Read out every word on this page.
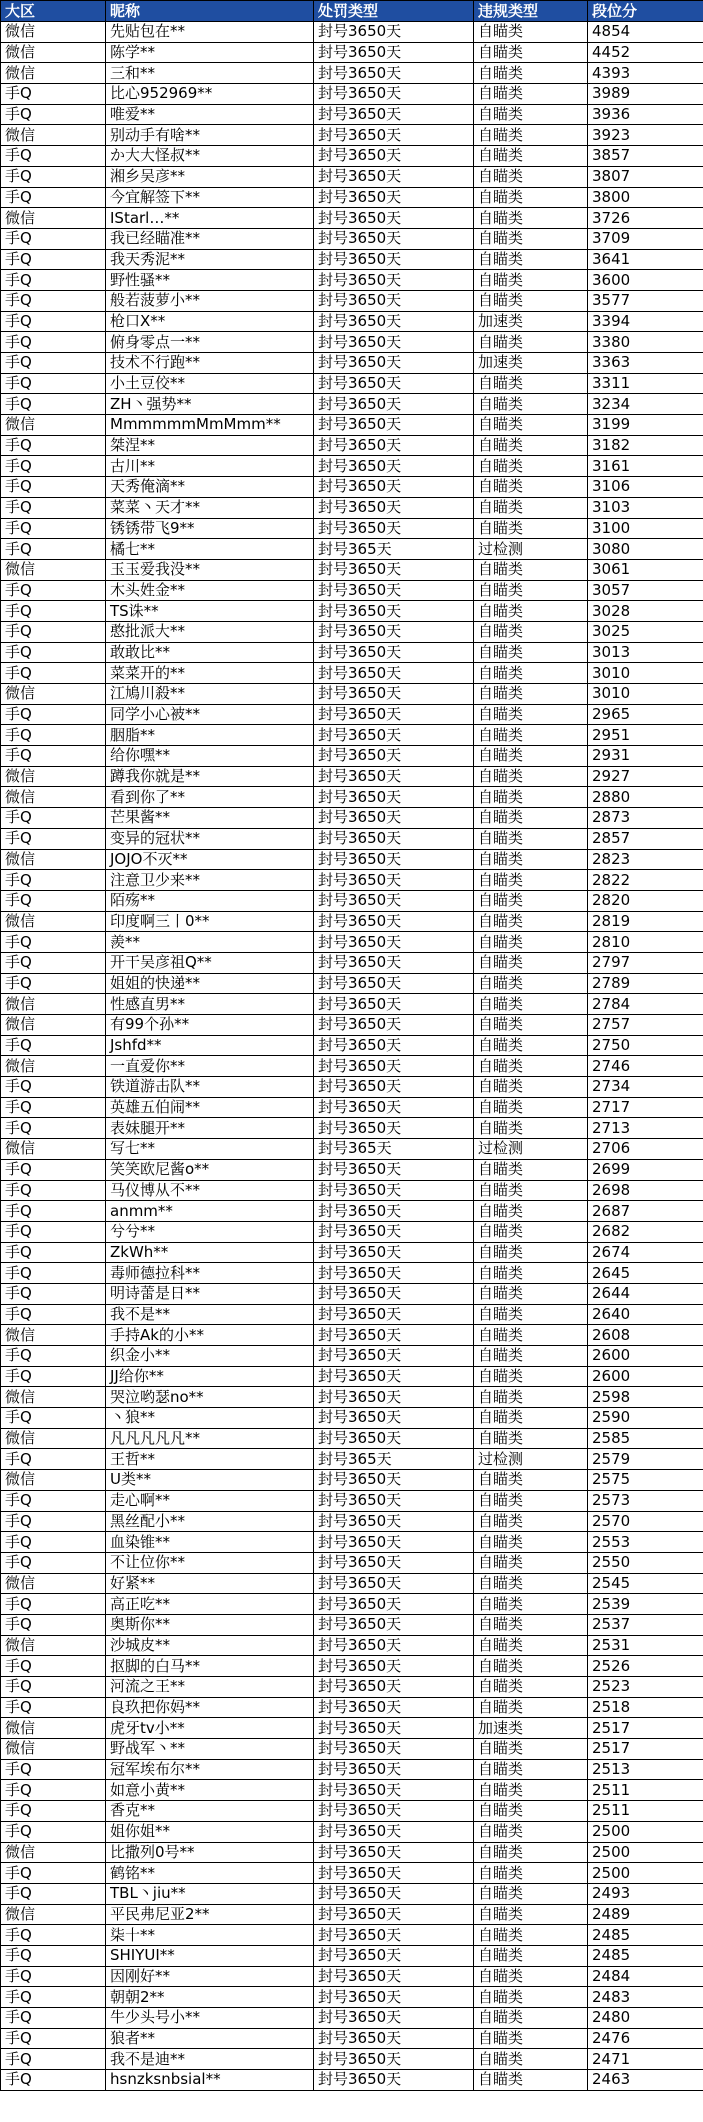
大区	昵称	处罚类型	违规类型	段位分
微信	先贴包在**	封号3650天	自瞄类	4854
微信	陈学**	封号3650天	自瞄类	4452
微信	三和**	封号3650天	自瞄类	4393
手Q	比心952969**	封号3650天	自瞄类	3989
手Q	唯爱**	封号3650天	自瞄类	3936
微信	别动手有啥**	封号3650天	自瞄类	3923
手Q	か大大怪叔**	封号3650天	自瞄类	3857
手Q	湘乡吴彦**	封号3650天	自瞄类	3807
手Q	今宜解签下**	封号3650天	自瞄类	3800
微信	IStarl…**	封号3650天	自瞄类	3726
手Q	我已经瞄准**	封号3650天	自瞄类	3709
手Q	我天秀泥**	封号3650天	自瞄类	3641
手Q	野性骚**	封号3650天	自瞄类	3600
手Q	般若菠萝小**	封号3650天	自瞄类	3577
手Q	枪口X**	封号3650天	加速类	3394
手Q	俯身零点一**	封号3650天	自瞄类	3380
手Q	技术不行跑**	封号3650天	加速类	3363
手Q	小土豆佼**	封号3650天	自瞄类	3311
手Q	ZH丶强势**	封号3650天	自瞄类	3234
微信	MmmmmmMmMmm**	封号3650天	自瞄类	3199
手Q	桀涅**	封号3650天	自瞄类	3182
手Q	古川**	封号3650天	自瞄类	3161
手Q	天秀俺滴**	封号3650天	自瞄类	3106
手Q	菜菜丶天才**	封号3650天	自瞄类	3103
手Q	锈锈带飞9**	封号3650天	自瞄类	3100
手Q	橘七**	封号365天	过检测	3080
微信	玉玉爱我没**	封号3650天	自瞄类	3061
手Q	木头姓金**	封号3650天	自瞄类	3057
手Q	TS诛**	封号3650天	自瞄类	3028
手Q	憨批派大**	封号3650天	自瞄类	3025
手Q	敢敢比**	封号3650天	自瞄类	3013
手Q	菜菜开的**	封号3650天	自瞄类	3010
微信	江鳩川殺**	封号3650天	自瞄类	3010
手Q	同学小心被**	封号3650天	自瞄类	2965
手Q	胭脂**	封号3650天	自瞄类	2951
手Q	给你嘿**	封号3650天	自瞄类	2931
微信	蹲我你就是**	封号3650天	自瞄类	2927
微信	看到你了**	封号3650天	自瞄类	2880
手Q	芒果酱**	封号3650天	自瞄类	2873
手Q	变异的冠状**	封号3650天	自瞄类	2857
微信	JOJO不灭**	封号3650天	自瞄类	2823
手Q	注意卫少来**	封号3650天	自瞄类	2822
手Q	陌殇**	封号3650天	自瞄类	2820
微信	印度啊三丨0**	封号3650天	自瞄类	2819
手Q	羨**	封号3650天	自瞄类	2810
手Q	开干吴彦祖Q**	封号3650天	自瞄类	2797
手Q	姐姐的快递**	封号3650天	自瞄类	2789
微信	性感直男**	封号3650天	自瞄类	2784
微信	有99个孙**	封号3650天	自瞄类	2757
手Q	Jshfd**	封号3650天	自瞄类	2750
微信	一直爱你**	封号3650天	自瞄类	2746
手Q	铁道游击队**	封号3650天	自瞄类	2734
手Q	英雄五伯闹**	封号3650天	自瞄类	2717
手Q	表妹腿开**	封号3650天	自瞄类	2713
微信	写七**	封号365天	过检测	2706
手Q	笑笑欧尼酱o**	封号3650天	自瞄类	2699
手Q	马仪博从不**	封号3650天	自瞄类	2698
手Q	anmm**	封号3650天	自瞄类	2687
手Q	兮兮**	封号3650天	自瞄类	2682
手Q	ZkWh**	封号3650天	自瞄类	2674
手Q	毒师德拉科**	封号3650天	自瞄类	2645
手Q	明诗蕾是日**	封号3650天	自瞄类	2644
手Q	我不是**	封号3650天	自瞄类	2640
微信	手持Ak的小**	封号3650天	自瞄类	2608
手Q	织金小**	封号3650天	自瞄类	2600
手Q	JJ给你**	封号3650天	自瞄类	2600
微信	哭泣哟瑟no**	封号3650天	自瞄类	2598
手Q	丶狼**	封号3650天	自瞄类	2590
微信	凡凡凡凡凡**	封号3650天	自瞄类	2585
手Q	王哲**	封号365天	过检测	2579
微信	U类**	封号3650天	自瞄类	2575
手Q	走心啊**	封号3650天	自瞄类	2573
手Q	黑丝配小**	封号3650天	自瞄类	2570
手Q	血染锥**	封号3650天	自瞄类	2553
手Q	不让位你**	封号3650天	自瞄类	2550
微信	好紧**	封号3650天	自瞄类	2545
手Q	高正吃**	封号3650天	自瞄类	2539
手Q	奥斯你**	封号3650天	自瞄类	2537
微信	沙城皮**	封号3650天	自瞄类	2531
手Q	抠脚的白马**	封号3650天	自瞄类	2526
手Q	河流之王**	封号3650天	自瞄类	2523
手Q	良玖把你妈**	封号3650天	自瞄类	2518
微信	虎牙tv小**	封号3650天	加速类	2517
微信	野战军丶**	封号3650天	自瞄类	2517
手Q	冠军埃布尔**	封号3650天	自瞄类	2513
手Q	如意小黄**	封号3650天	自瞄类	2511
手Q	香克**	封号3650天	自瞄类	2511
手Q	姐你姐**	封号3650天	自瞄类	2500
微信	比撒列0号**	封号3650天	自瞄类	2500
手Q	鹤铭**	封号3650天	自瞄类	2500
手Q	TBL丶jiu**	封号3650天	自瞄类	2493
微信	平民弗尼亚2**	封号3650天	自瞄类	2489
手Q	柒十**	封号3650天	自瞄类	2485
手Q	SHIYUI**	封号3650天	自瞄类	2485
手Q	因刚好**	封号3650天	自瞄类	2484
手Q	朝朝2**	封号3650天	自瞄类	2483
手Q	牛少头号小**	封号3650天	自瞄类	2480
手Q	狼者**	封号3650天	自瞄类	2476
手Q	我不是迪**	封号3650天	自瞄类	2471
手Q	hsnzksnbsial**	封号3650天	自瞄类	2463
